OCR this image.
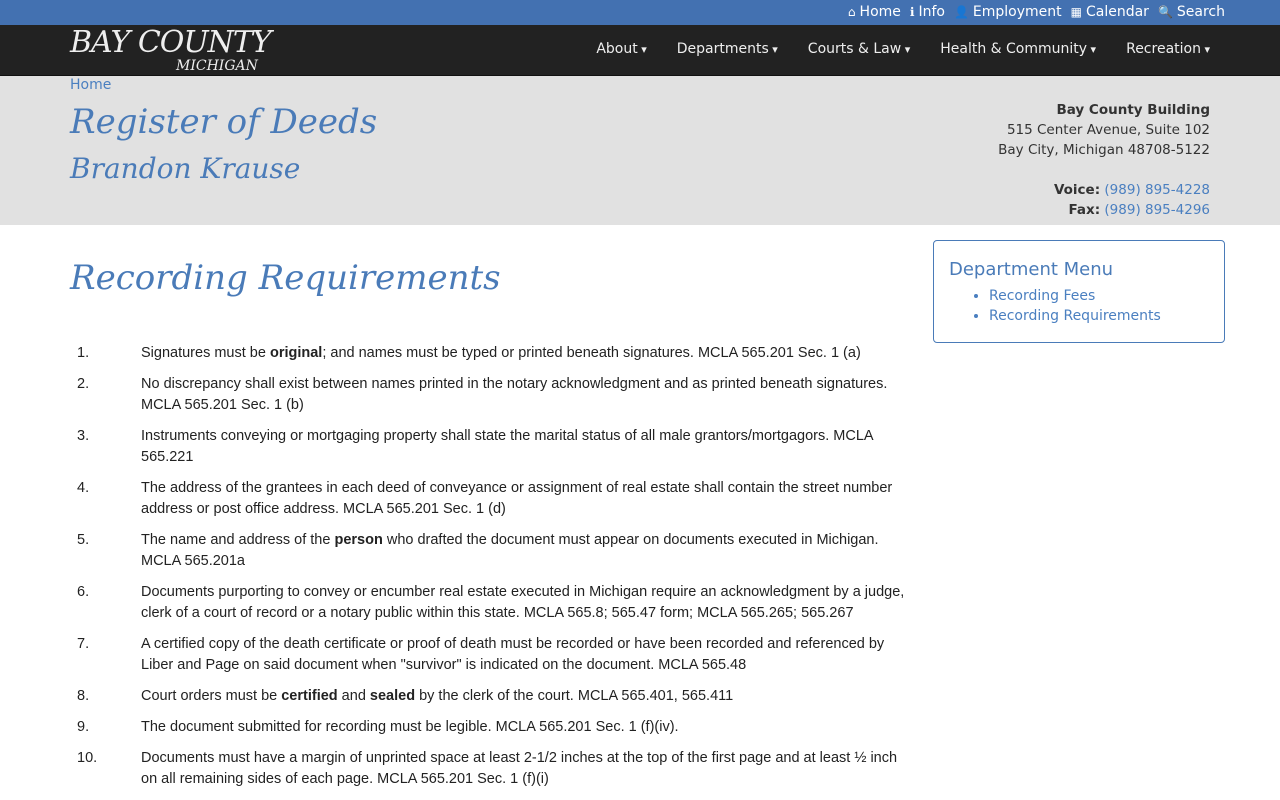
⌂ Home ℹ Info 👤 Employment ▦ Calendar 🔍 Search
BAY COUNTY
MICHIGAN
About ▾	Departments ▾	Courts & Law ▾	Health & Community ▾	Recreation ▾
Home
Register of Deeds
Brandon Krause
Bay County Building
515 Center Avenue, Suite 102
Bay City, Michigan 48708-5122
Voice: (989) 895-4228
Fax: (989) 895-4296
Recording Requirements
1.	Signatures must be original; and names must be typed or printed beneath signatures. MCLA 565.201 Sec. 1 (a)
2.	No discrepancy shall exist between names printed in the notary acknowledgment and as printed beneath signatures. MCLA 565.201 Sec. 1 (b)
3.	Instruments conveying or mortgaging property shall state the marital status of all male grantors/mortgagors. MCLA 565.221
4.	The address of the grantees in each deed of conveyance or assignment of real estate shall contain the street number address or post office address. MCLA 565.201 Sec. 1 (d)
5.	The name and address of the person who drafted the document must appear on documents executed in Michigan. MCLA 565.201a
6.	Documents purporting to convey or encumber real estate executed in Michigan require an acknowledgment by a judge, clerk of a court of record or a notary public within this state. MCLA 565.8; 565.47 form; MCLA 565.265; 565.267
7.	A certified copy of the death certificate or proof of death must be recorded or have been recorded and referenced by Liber and Page on said document when "survivor" is indicated on the document. MCLA 565.48
8.	Court orders must be certified and sealed by the clerk of the court. MCLA 565.401, 565.411
9.	The document submitted for recording must be legible. MCLA 565.201 Sec. 1 (f)(iv).
10.	Documents must have a margin of unprinted space at least 2-1/2 inches at the top of the first page and at least ½ inch on all remaining sides of each page. MCLA 565.201 Sec. 1 (f)(i)
Department Menu
• Recording Fees
• Recording Requirements
